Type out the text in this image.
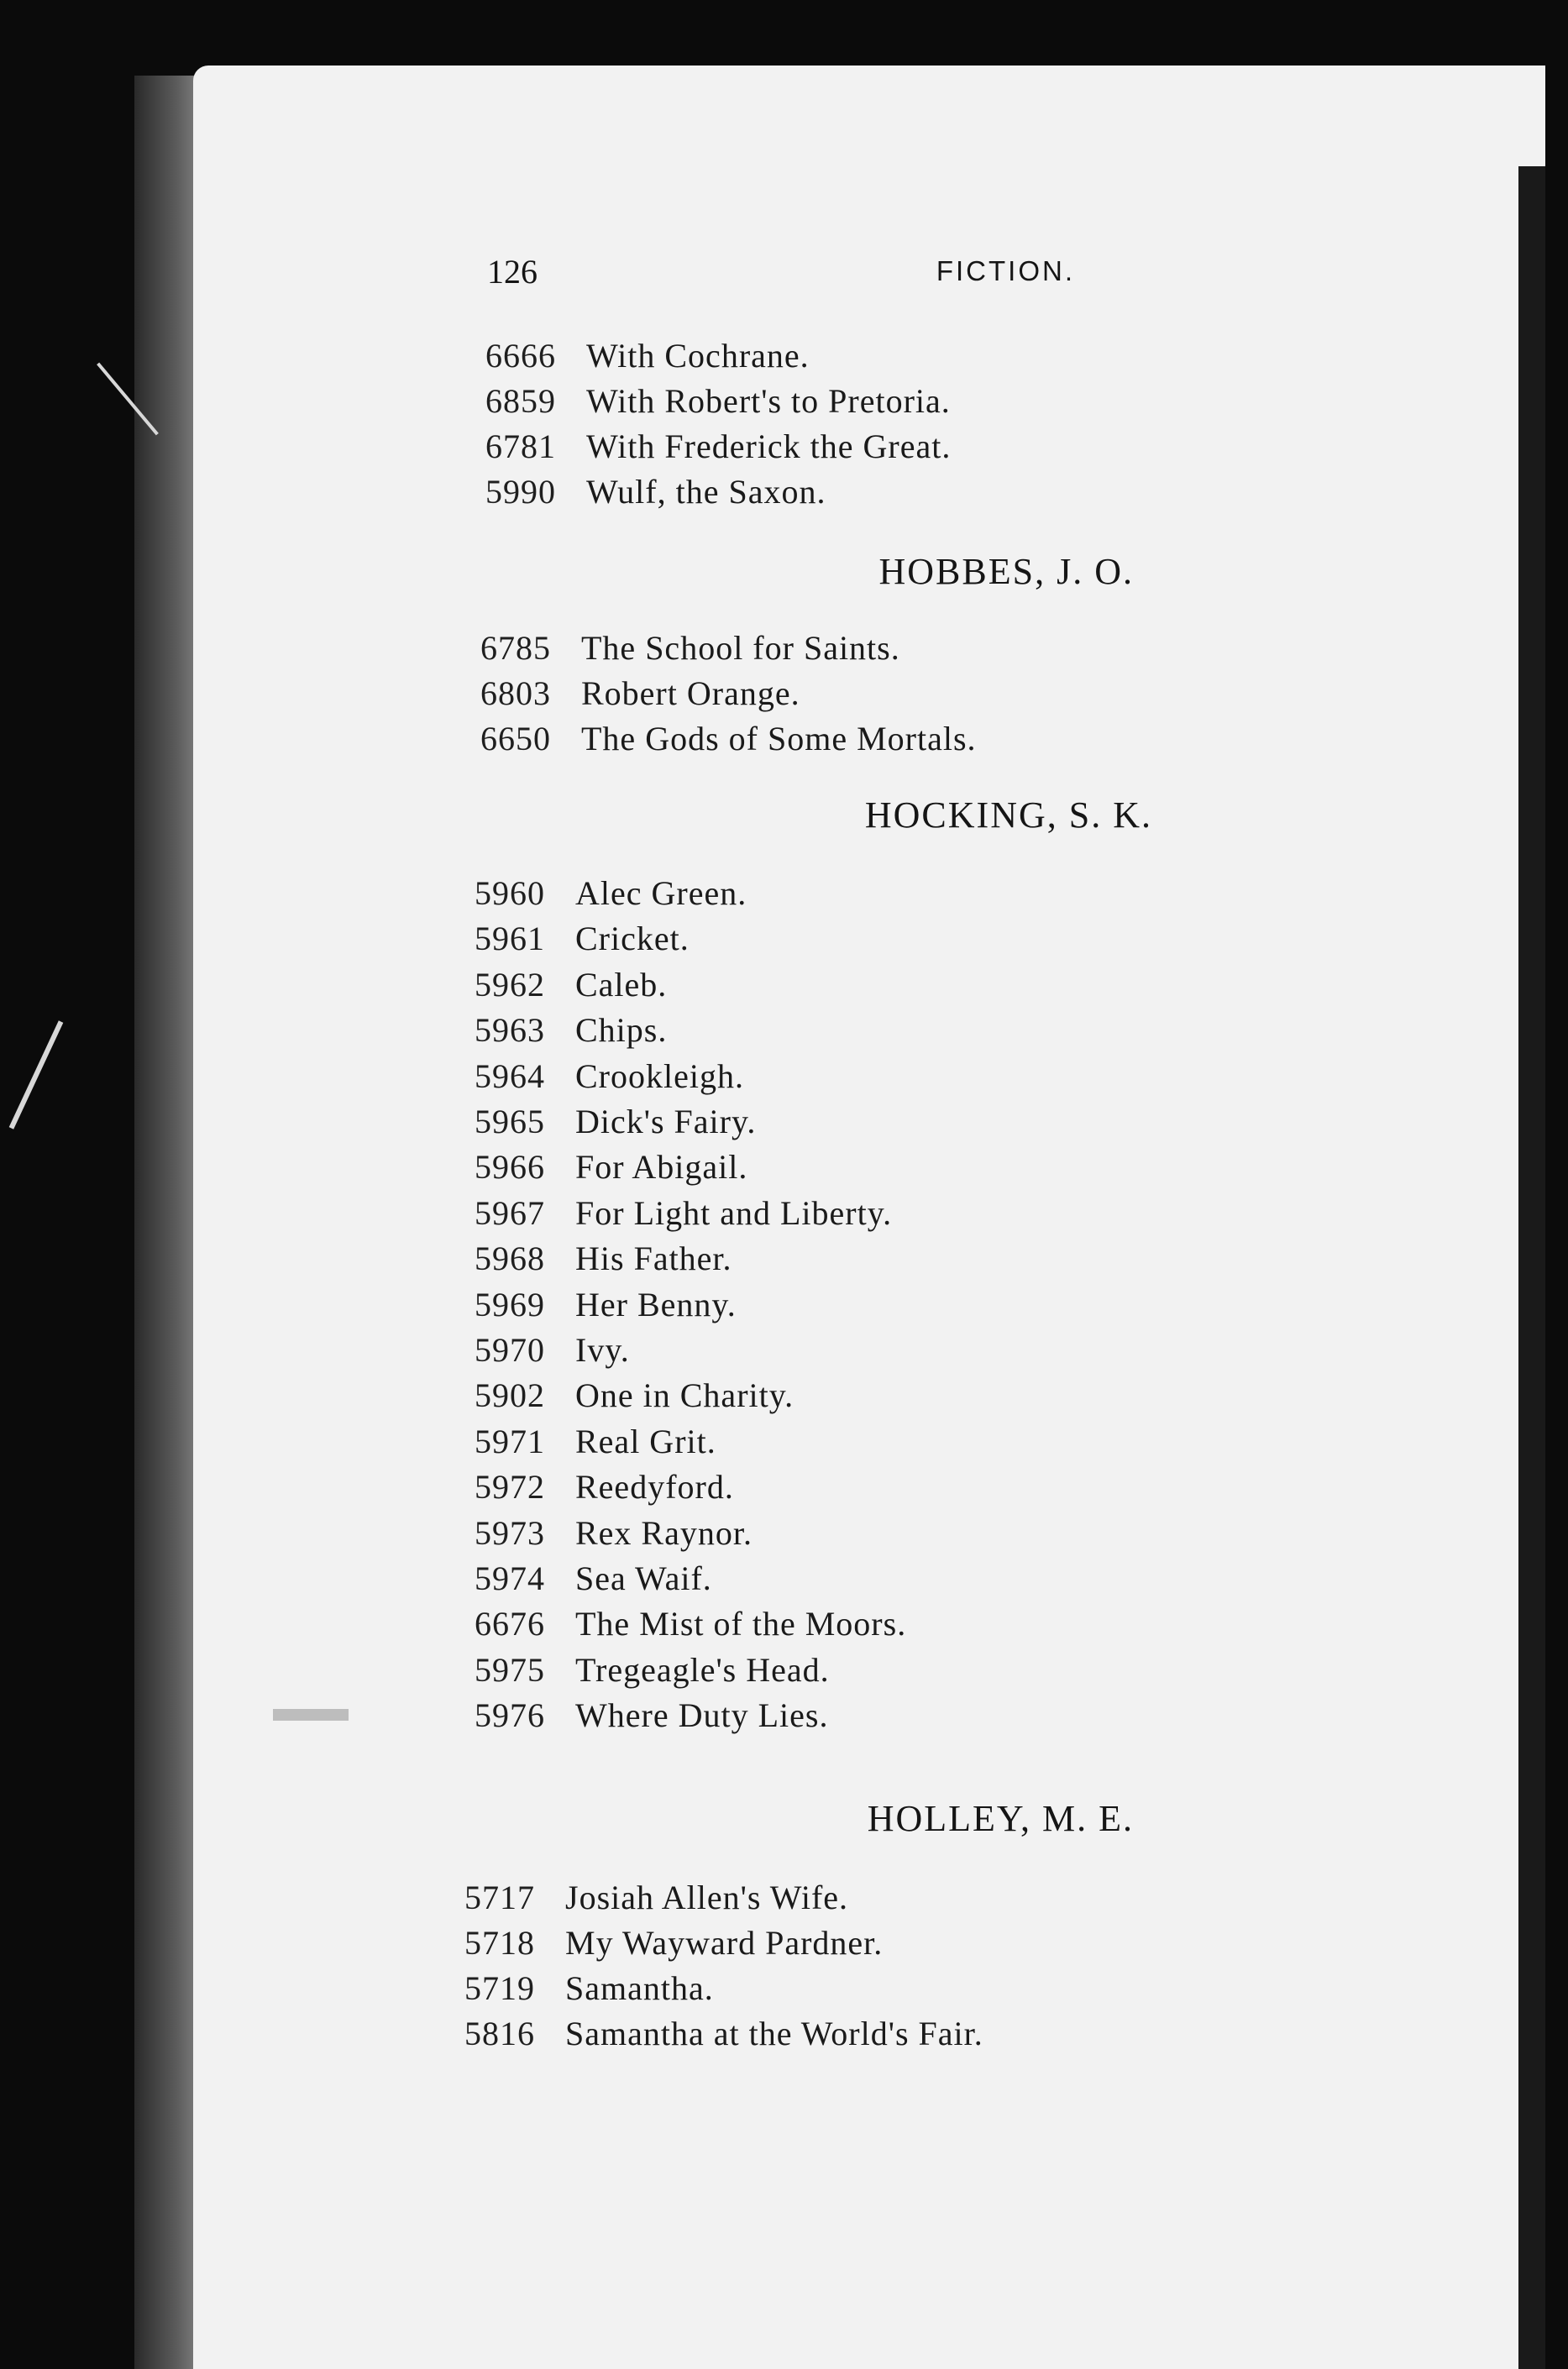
126	FICTION.
6666 With Cochrane.
6859 With Robert's to Pretoria.
6781 With Frederick the Great.
5990 Wulf, the Saxon.
HOBBES, J. O.
6785 The School for Saints.
6803 Robert Orange.
6650 The Gods of Some Mortals.
HOCKING, S. K.
5960 Alec Green.
5961 Cricket.
5962 Caleb.
5963 Chips.
5964 Crookleigh.
5965 Dick's Fairy.
5966 For Abigail.
5967 For Light and Liberty.
5968 His Father.
5969 Her Benny.
5970 Ivy.
5902 One in Charity.
5971 Real Grit.
5972 Reedyford.
5973 Rex Raynor.
5974 Sea Waif.
6676 The Mist of the Moors.
5975 Tregeagle's Head.
5976 Where Duty Lies.
HOLLEY, M. E.
5717 Josiah Allen's Wife.
5718 My Wayward Pardner.
5719 Samantha.
5816 Samantha at the World's Fair.
